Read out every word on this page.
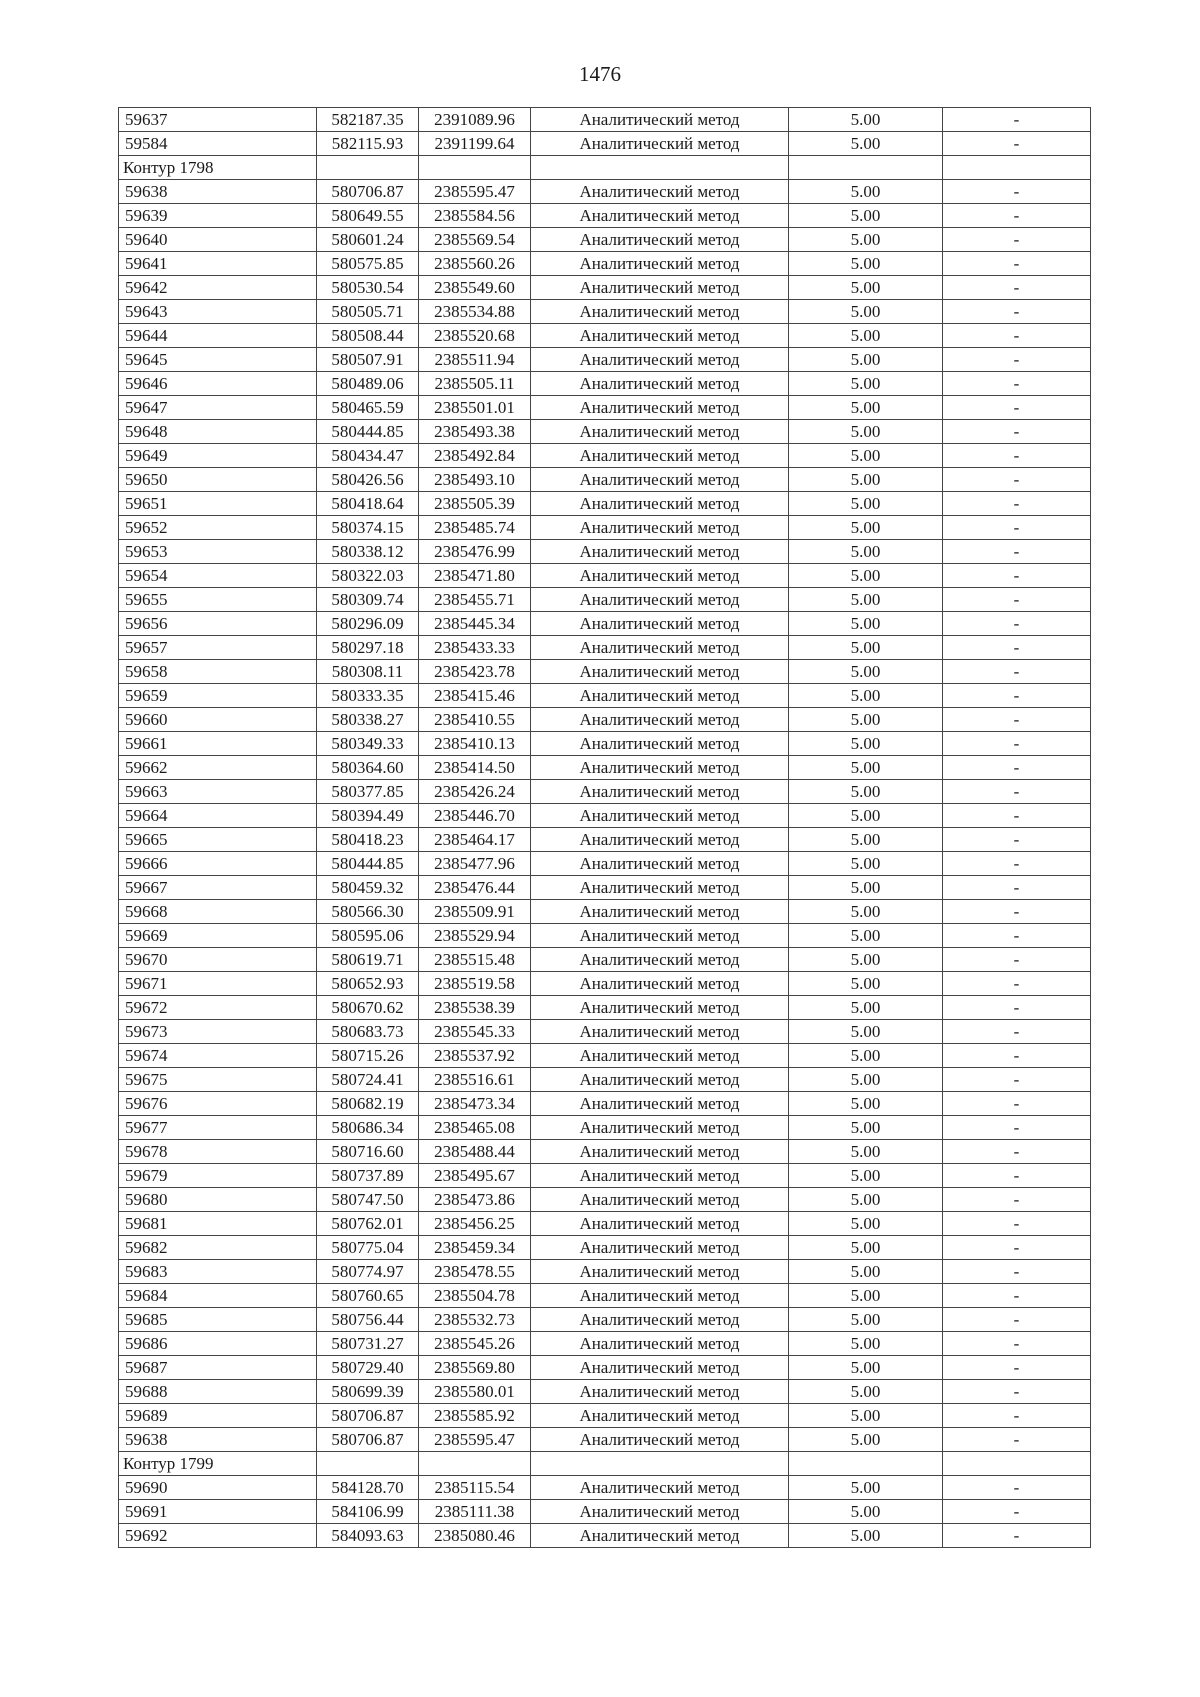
1476
59637	582187.35	2391089.96	Аналитический метод	5.00	-
59584	582115.93	2391199.64	Аналитический метод	5.00	-
Контур 1798					
59638	580706.87	2385595.47	Аналитический метод	5.00	-
59639	580649.55	2385584.56	Аналитический метод	5.00	-
59640	580601.24	2385569.54	Аналитический метод	5.00	-
59641	580575.85	2385560.26	Аналитический метод	5.00	-
59642	580530.54	2385549.60	Аналитический метод	5.00	-
59643	580505.71	2385534.88	Аналитический метод	5.00	-
59644	580508.44	2385520.68	Аналитический метод	5.00	-
59645	580507.91	2385511.94	Аналитический метод	5.00	-
59646	580489.06	2385505.11	Аналитический метод	5.00	-
59647	580465.59	2385501.01	Аналитический метод	5.00	-
59648	580444.85	2385493.38	Аналитический метод	5.00	-
59649	580434.47	2385492.84	Аналитический метод	5.00	-
59650	580426.56	2385493.10	Аналитический метод	5.00	-
59651	580418.64	2385505.39	Аналитический метод	5.00	-
59652	580374.15	2385485.74	Аналитический метод	5.00	-
59653	580338.12	2385476.99	Аналитический метод	5.00	-
59654	580322.03	2385471.80	Аналитический метод	5.00	-
59655	580309.74	2385455.71	Аналитический метод	5.00	-
59656	580296.09	2385445.34	Аналитический метод	5.00	-
59657	580297.18	2385433.33	Аналитический метод	5.00	-
59658	580308.11	2385423.78	Аналитический метод	5.00	-
59659	580333.35	2385415.46	Аналитический метод	5.00	-
59660	580338.27	2385410.55	Аналитический метод	5.00	-
59661	580349.33	2385410.13	Аналитический метод	5.00	-
59662	580364.60	2385414.50	Аналитический метод	5.00	-
59663	580377.85	2385426.24	Аналитический метод	5.00	-
59664	580394.49	2385446.70	Аналитический метод	5.00	-
59665	580418.23	2385464.17	Аналитический метод	5.00	-
59666	580444.85	2385477.96	Аналитический метод	5.00	-
59667	580459.32	2385476.44	Аналитический метод	5.00	-
59668	580566.30	2385509.91	Аналитический метод	5.00	-
59669	580595.06	2385529.94	Аналитический метод	5.00	-
59670	580619.71	2385515.48	Аналитический метод	5.00	-
59671	580652.93	2385519.58	Аналитический метод	5.00	-
59672	580670.62	2385538.39	Аналитический метод	5.00	-
59673	580683.73	2385545.33	Аналитический метод	5.00	-
59674	580715.26	2385537.92	Аналитический метод	5.00	-
59675	580724.41	2385516.61	Аналитический метод	5.00	-
59676	580682.19	2385473.34	Аналитический метод	5.00	-
59677	580686.34	2385465.08	Аналитический метод	5.00	-
59678	580716.60	2385488.44	Аналитический метод	5.00	-
59679	580737.89	2385495.67	Аналитический метод	5.00	-
59680	580747.50	2385473.86	Аналитический метод	5.00	-
59681	580762.01	2385456.25	Аналитический метод	5.00	-
59682	580775.04	2385459.34	Аналитический метод	5.00	-
59683	580774.97	2385478.55	Аналитический метод	5.00	-
59684	580760.65	2385504.78	Аналитический метод	5.00	-
59685	580756.44	2385532.73	Аналитический метод	5.00	-
59686	580731.27	2385545.26	Аналитический метод	5.00	-
59687	580729.40	2385569.80	Аналитический метод	5.00	-
59688	580699.39	2385580.01	Аналитический метод	5.00	-
59689	580706.87	2385585.92	Аналитический метод	5.00	-
59638	580706.87	2385595.47	Аналитический метод	5.00	-
Контур 1799					
59690	584128.70	2385115.54	Аналитический метод	5.00	-
59691	584106.99	2385111.38	Аналитический метод	5.00	-
59692	584093.63	2385080.46	Аналитический метод	5.00	-
